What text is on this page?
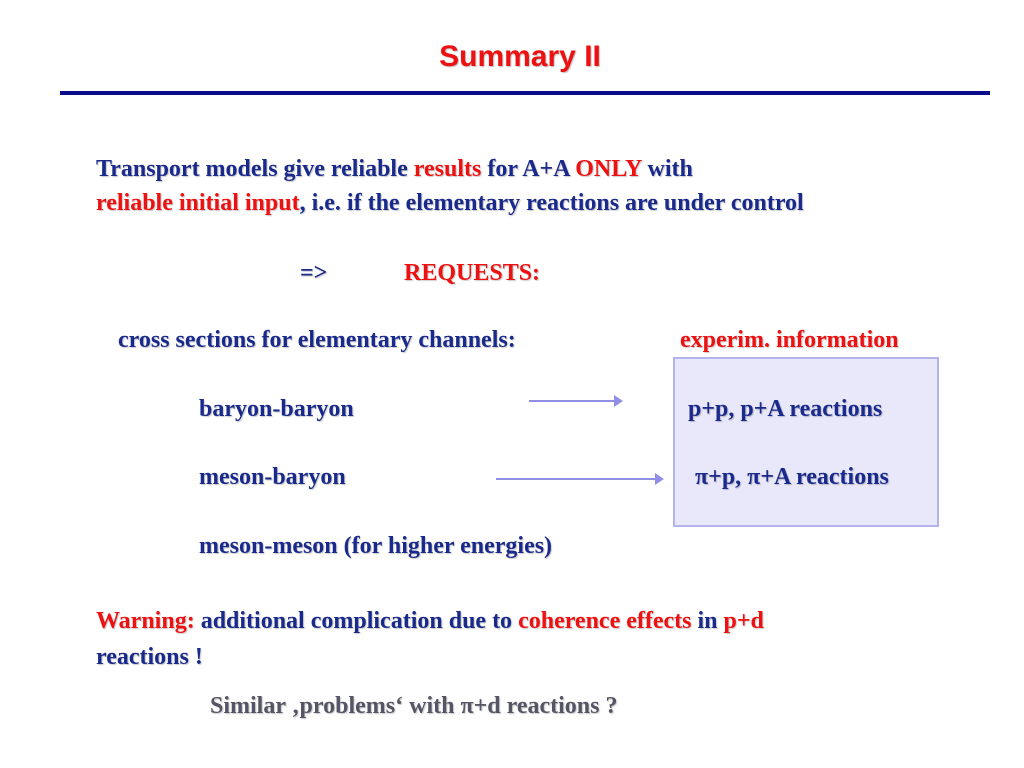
Summary II
Transport models give reliable results for A+A ONLY with
reliable initial input, i.e. if the elementary reactions are under control
=>	REQUESTS:
cross sections for elementary channels:	experim. information
baryon-baryon	p+p, p+A reactions
meson-baryon	π+p, π+A reactions
meson-meson (for higher energies)
Warning: additional complication due to coherence effects in p+d
reactions !
Similar ‚problems‘ with π+d reactions ?
